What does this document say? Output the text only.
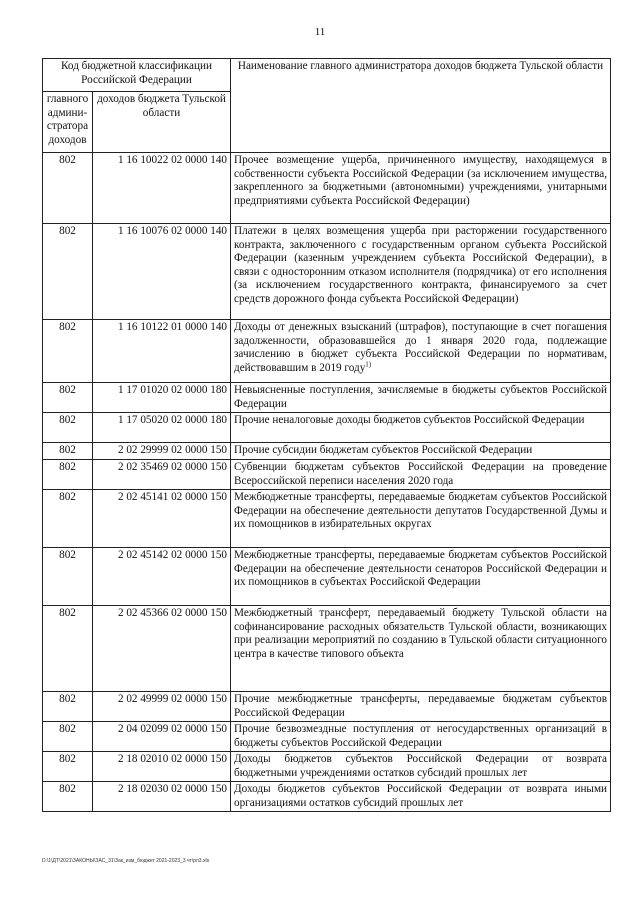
11
Код бюджетной классификации Российской Федерации		Наименование главного администратора доходов бюджета Тульской области
главного админи-стратора доходов	доходов бюджета Тульской области	
802	1 16 10022 02 0000 140	Прочее возмещение ущерба, причиненного имуществу, находящемуся в собственности субъекта Российской Федерации (за исключением имущества, закрепленного за бюджетными (автономными) учреждениями, унитарными предприятиями субъекта Российской Федерации)
802	1 16 10076 02 0000 140	Платежи в целях возмещения ущерба при расторжении государственного контракта, заключенного с государственным органом субъекта Российской Федерации (казенным учреждением субъекта Российской Федерации), в связи с односторонним отказом исполнителя (подрядчика) от его исполнения (за исключением государственного контракта, финансируемого за счет средств дорожного фонда субъекта Российской Федерации)
802	1 16 10122 01 0000 140	Доходы от денежных взысканий (штрафов), поступающие в счет погашения задолженности, образовавшейся до 1 января 2020 года, подлежащие зачислению в бюджет субъекта Российской Федерации по нормативам, действовавшим в 2019 году$^{1)}$
802	1 17 01020 02 0000 180	Невыясненные поступления, зачисляемые в бюджеты субъектов Российской Федерации
802	1 17 05020 02 0000 180	Прочие неналоговые доходы бюджетов субъектов Российской Федерации
802	2 02 29999 02 0000 150	Прочие субсидии бюджетам субъектов Российской Федерации
802	2 02 35469 02 0000 150	Субвенции бюджетам субъектов Российской Федерации на проведение Всероссийской переписи населения 2020 года
802	2 02 45141 02 0000 150	Межбюджетные трансферты, передаваемые бюджетам субъектов Российской Федерации на обеспечение деятельности депутатов Государственной Думы и их помощников в избирательных округах
802	2 02 45142 02 0000 150	Межбюджетные трансферты, передаваемые бюджетам субъектов Российской Федерации на обеспечение деятельности сенаторов Российской Федерации и их помощников в субъектах Российской Федерации
802	2 02 45366 02 0000 150	Межбюджетный трансферт, передаваемый бюджету Тульской области на софинансирование расходных обязательств Тульской области, возникающих при реализации мероприятий по созданию в Тульской области ситуационного центра в качестве типового объекта
802	2 02 49999 02 0000 150	Прочие межбюджетные трансферты, передаваемые бюджетам субъектов Российской Федерации
802	2 04 02099 02 0000 150	Прочие безвозмездные поступления от негосударственных организаций в бюджеты субъектов Российской Федерации
802	2 18 02010 02 0000 150	Доходы бюджетов субъектов Российской Федерации от возврата бюджетными учреждениями остатков субсидий прошлых лет
802	2 18 02030 02 0000 150	Доходы бюджетов субъектов Российской Федерации от возврата иными организациями остатков субсидий прошлых лет
D:\1\ДТ\2021\ЗАКОНЫ\ЗАС_31\Зак_изм_бюджет 2021-2023_3 чт\рп3.xls
